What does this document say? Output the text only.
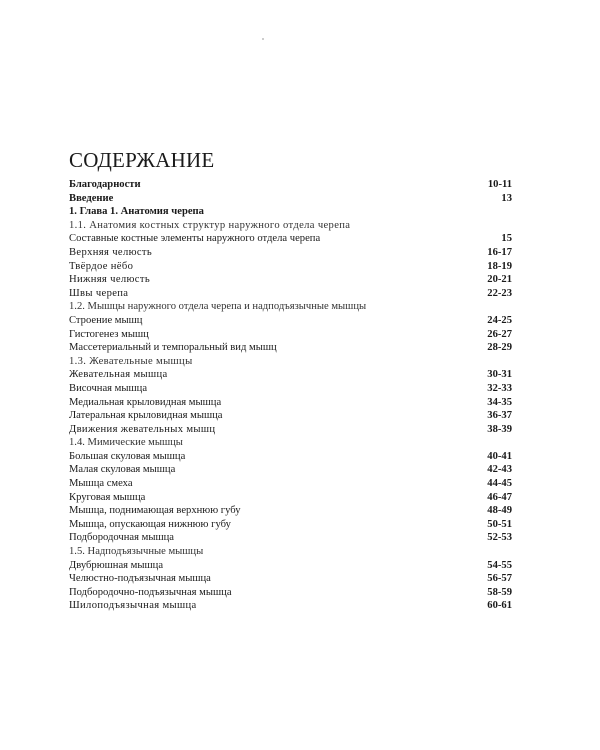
СОДЕРЖАНИЕ
Благодарности	10-11
Введение	13
1. Глава 1. Анатомия черепа
1.1. Анатомия костных структур наружного отдела черепа
Составные костные элементы наружного отдела черепа	15
Верхняя челюсть	16-17
Твёрдое нёбо	18-19
Нижняя челюсть	20-21
Швы черепа	22-23
1.2. Мышцы наружного отдела черепа и надподъязычные мышцы
Строение мышц	24-25
Гистогенез мышц	26-27
Массетериальный и темпоральный вид мышц	28-29
1.3. Жевательные мышцы
Жевательная мышца	30-31
Височная мышца	32-33
Медиальная крыловидная мышца	34-35
Латеральная крыловидная мышца	36-37
Движения жевательных мышц	38-39
1.4. Мимические мышцы
Большая скуловая мышца	40-41
Малая скуловая мышца	42-43
Мышца смеха	44-45
Круговая мышца	46-47
Мышца, поднимающая верхнюю губу	48-49
Мышца, опускающая нижнюю губу	50-51
Подбородочная мышца	52-53
1.5. Надподъязычные мышцы
Двубрюшная мышца	54-55
Челюстно-подъязычная мышца	56-57
Подбородочно-подъязычная мышца	58-59
Шилоподъязычная мышца	60-61
